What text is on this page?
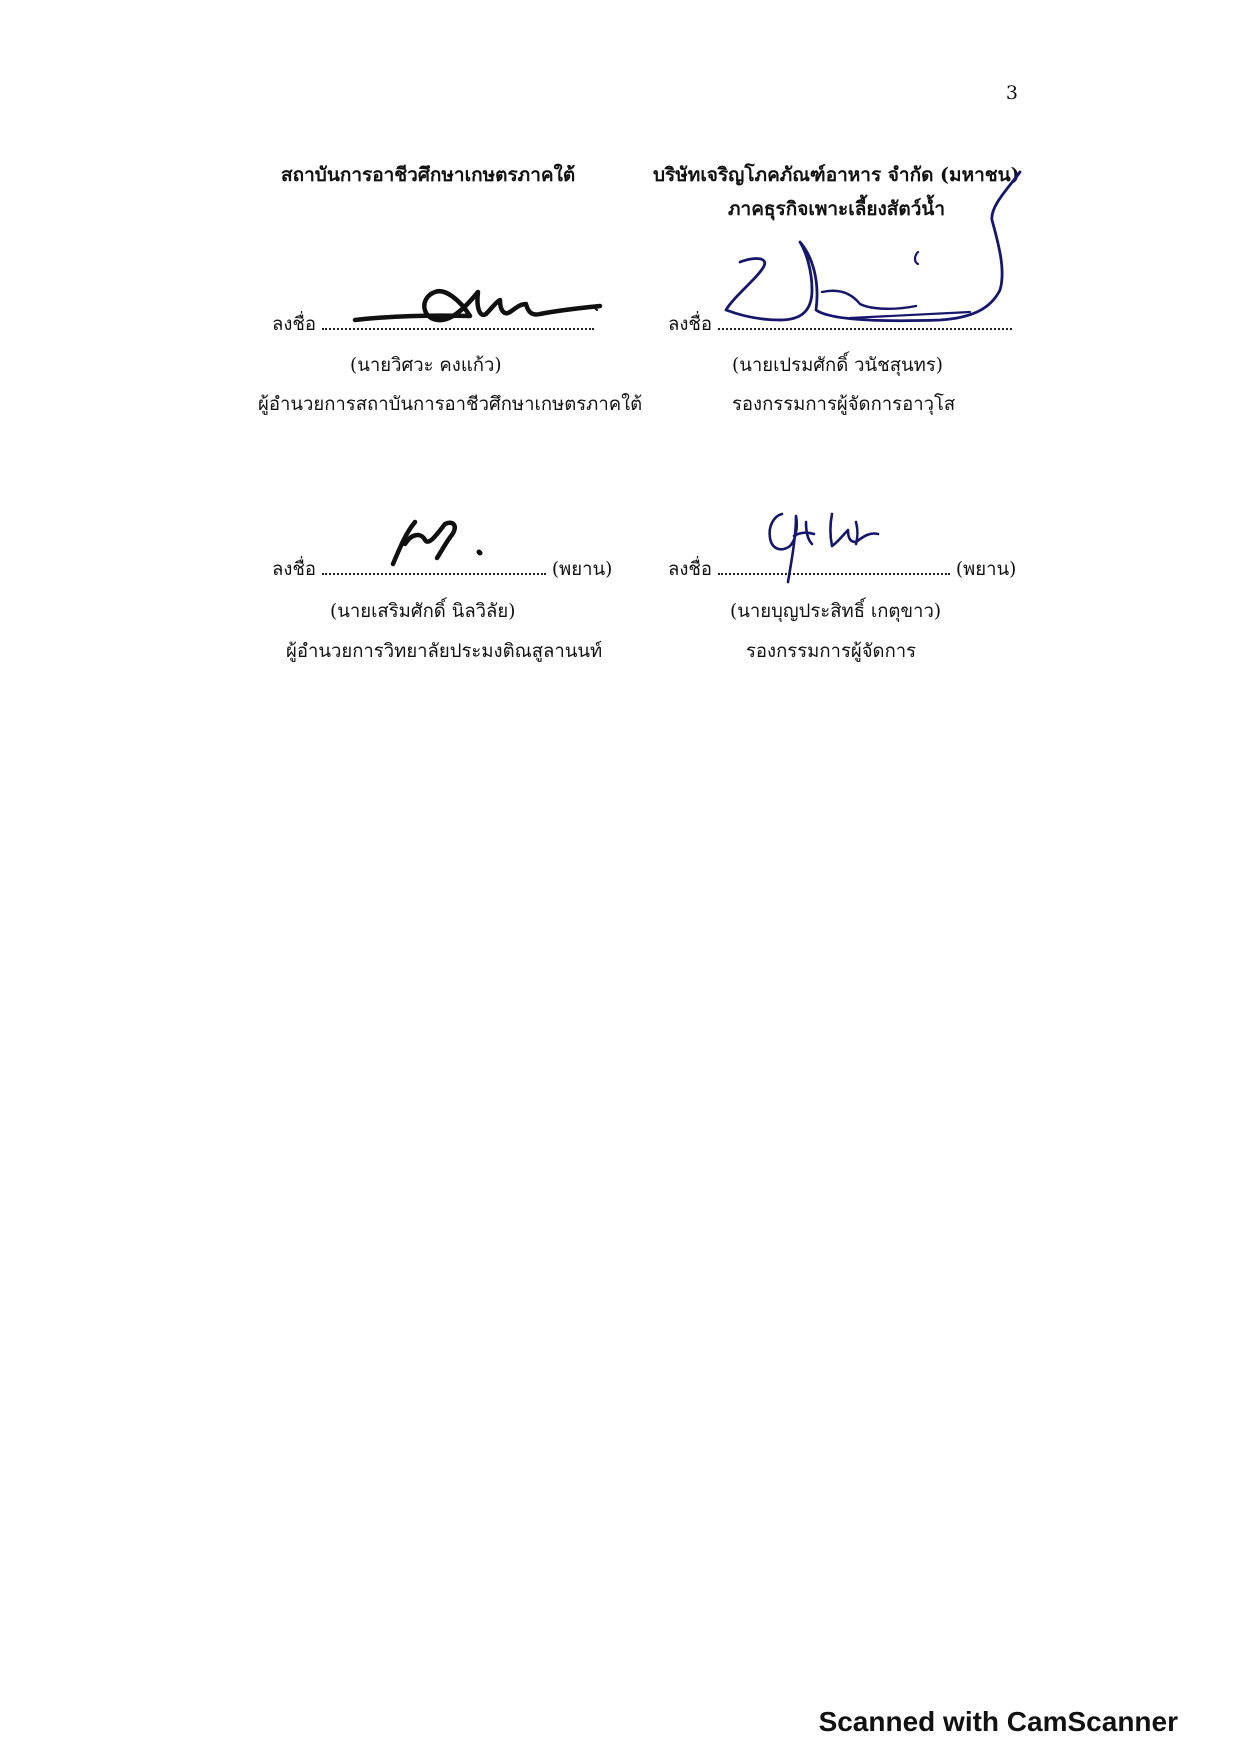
3
สถาบันการอาชีวศึกษาเกษตรภาคใต้
ลงชื่อ
(นายวิศวะ คงแก้ว)
ผู้อำนวยการสถาบันการอาชีวศึกษาเกษตรภาคใต้
บริษัทเจริญโภคภัณฑ์อาหาร จำกัด (มหาชน)
ภาคธุรกิจเพาะเลี้ยงสัตว์น้ำ
ลงชื่อ
(นายเปรมศักดิ์ วนัชสุนทร)
รองกรรมการผู้จัดการอาวุโส
ลงชื่อ	(พยาน)
(นายเสริมศักดิ์ นิลวิลัย)
ผู้อำนวยการวิทยาลัยประมงติณสูลานนท์
ลงชื่อ	(พยาน)
(นายบุญประสิทธิ์ เกตุขาว)
รองกรรมการผู้จัดการ
Scanned with CamScanner
